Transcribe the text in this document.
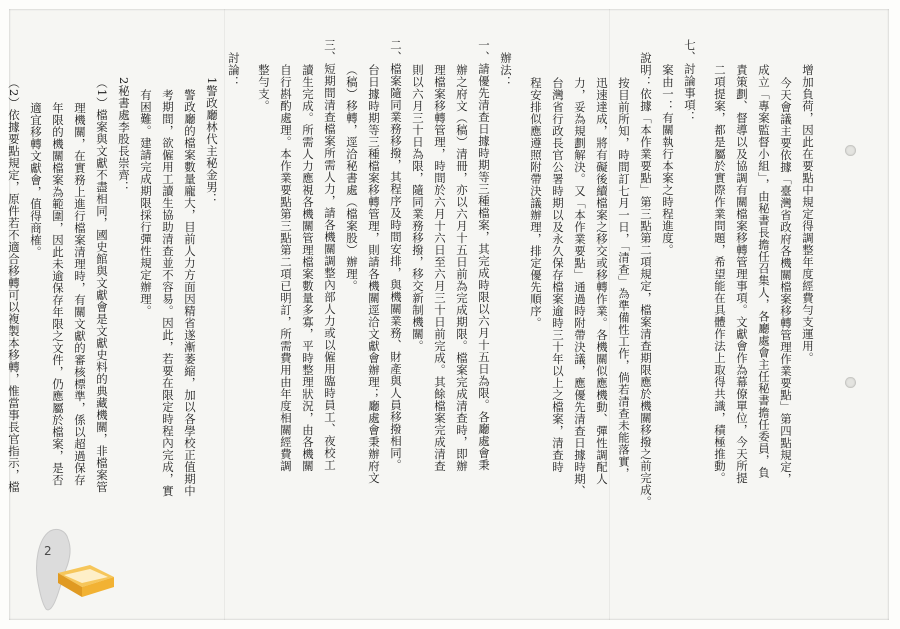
增加負荷，因此在要點中規定得調整年度經費勻支運用。
今天會議主要依據「臺灣省政府各機關檔案移轉管理作業要點」第四點規定，
成立「專案監督小組」，由秘書長擔任召集人，各廳處會主任秘書擔任委員，負
責策劃、督導以及協調有關檔案移轉管理事項。文獻會作為幕僚單位，今天所提
二項提案，都是屬於實際作業問題，希望能在具體作法上取得共識，積極推動。
七、討論事項：
案由一：有關執行本案之時程進度。
說明：依據「本作業要點」第三點第二項規定，檔案清查期限應於機關移撥之前完成。
按目前所知，時間訂七月一日，「清查」為準備性工作，倘若清查未能落實，
迅速達成，將有礙後續檔案之移交或移轉作業。各機關似應機動、彈性調配人
力，妥為規劃解決。又「本作業要點」通過時附帶決議，應優先清查日據時期、
台灣省行政長官公署時期以及永久保存檔案逾時三十年以上之檔案，清查時
程安排似應遵照附帶決議辦理，排定優先順序。
辦法：
一、請優先清查日據時期等三種檔案，其完成時限以六月十五日為限。各廳處會秉
辦之府文（稿）清冊，亦以六月十五日前為完成期限。檔案完成清查時，即辦
理檔案移轉管理，時間於六月十六日至六月三十日前完成。其餘檔案完成清查
則以六月三十日為限，隨同業務移撥，移交新制機關。
二、檔案隨同業務移撥，其程序及時間安排，與機關業務、財產與人員移撥相同。
台日據時期等三種檔案移轉管理，則請各機關逕洽文獻會辦理；廳處會秉辦府文
（稿）移轉，逕洽秘書處（檔案股）辦理。
三、短期間清查檔案所需人力，請各機關調整內部人力或以僱用臨時員工、夜校工
讀生完成。所需人力應視各機關管理檔案數量多寡，平時整理狀況，由各機關
自行斟酌處理。本作業要點第三點第二項已明訂，所需費用由年度相關經費調
整勻支。
討論：
1警政廳林代主秘金男：
警政廳的檔案數量龐大，目前人力方面因精省遂漸萎縮，加以各學校正值期中
考期間，欲僱用工讀生協助清查並不容易。因此，若要在限定時程內完成，實
有困難。建請完成期限採行彈性規定辦理。
2秘書處李股長崇齊：
（1）檔案與文獻不盡相同，國史館與文獻會是文獻史料的典藏機關，非檔案管
理機關，在實務上進行檔案清理時，有關文獻的審核標準，係以超過保存
年限的機關檔案為範圍，因此未逾保存年限之文件，仍應屬於檔案，是否
適宜移轉文獻會，值得商榷。
（2）依據要點規定，原件若不適合移轉可以複製本移轉，惟當事長官指示，檔
2
